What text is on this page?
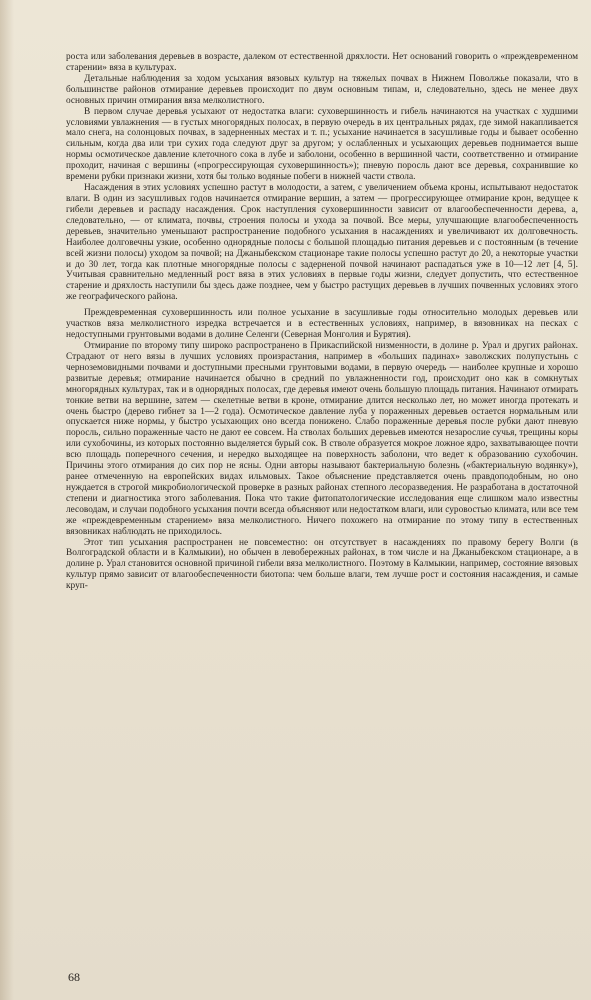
роста или заболевания деревьев в возрасте, далеком от естественной дряхлости. Нет оснований говорить о «преждевременном старении» вяза в культурах.

Детальные наблюдения за ходом усыхания вязовых культур на тяжелых почвах в Нижнем Поволжье показали, что в большинстве районов отмирание деревьев происходит по двум основным типам, и, следовательно, здесь не менее двух основных причин отмирания вяза мелколистного.

В первом случае деревья усыхают от недостатка влаги: суховершинность и гибель начинаются на участках с худшими условиями увлажнения — в густых многорядных полосах, в первую очередь в их центральных рядах, где зимой накапливается мало снега, на солонцовых почвах, в задерненных местах и т. п.; усыхание начинается в засушливые годы и бывает особенно сильным, когда два или три сухих года следуют друг за другом; у ослабленных и усыхающих деревьев поднимается выше нормы осмотическое давление клеточного сока в лубе и заболони, особенно в вершинной части, соответственно и отмирание проходит, начиная с вершины («прогрессирующая суховершинность»); пневую поросль дают все деревья, сохранившие ко времени рубки признаки жизни, хотя бы только водяные побеги в нижней части ствола.

Насаждения в этих условиях успешно растут в молодости, а затем, с увеличением объема кроны, испытывают недостаток влаги. В один из засушливых годов начинается отмирание вершин, а затем — прогрессирующее отмирание крон, ведущее к гибели деревьев и распаду насаждения. Срок наступления суховершинности зависит от влагообеспеченности дерева, а, следовательно, — от климата, почвы, строения полосы и ухода за почвой. Все меры, улучшающие влагообеспеченность деревьев, значительно уменьшают распространение подобного усыхания в насаждениях и увеличивают их долговечность. Наиболее долговечны узкие, особенно однорядные полосы с большой площадью питания деревьев и с постоянным (в течение всей жизни полосы) уходом за почвой; на Джаныбекском стационаре такие полосы успешно растут до 20, а некоторые участки и до 30 лет, тогда как плотные многорядные полосы с задерненой почвой начинают распадаться уже в 10—12 лет [4, 5]. Учитывая сравнительно медленный рост вяза в этих условиях в первые годы жизни, следует допустить, что естественное старение и дряхлость наступили бы здесь даже позднее, чем у быстро растущих деревьев в лучших почвенных условиях этого же географического района.

Преждевременная суховершинность или полное усыхание в засушливые годы относительно молодых деревьев или участков вяза мелколистного изредка встречается и в естественных условиях, например, в вязовниках на песках с недоступными грунтовыми водами в долине Селенги (Северная Монголия и Бурятия).

Отмирание по второму типу широко распространено в Прикаспийской низменности, в долине р. Урал и других районах. Страдают от него вязы в лучших условиях произрастания, например в «больших падинах» заволжских полупустынь с черноземовидными почвами и доступными пресными грунтовыми водами, в первую очередь — наиболее крупные и хорошо развитые деревья; отмирание начинается обычно в средний по увлажненности год, происходит оно как в сомкнутых многорядных культурах, так и в однорядных полосах, где деревья имеют очень большую площадь питания. Начинают отмирать тонкие ветви на вершине, затем — скелетные ветви в кроне, отмирание длится несколько лет, но может иногда протекать и очень быстро (дерево гибнет за 1—2 года). Осмотическое давление луба у пораженных деревьев остается нормальным или опускается ниже нормы, у быстро усыхающих оно всегда понижено. Слабо пораженные деревья после рубки дают пневую поросль, сильно пораженные часто не дают ее совсем. На стволах больших деревьев имеются незарослие сучья, трещины коры или сухобочины, из которых постоянно выделяется бурый сок. В стволе образуется мокрое ложное ядро, захватывающее почти всю площадь поперечного сечения, и нередко выходящее на поверхность заболони, что ведет к образованию сухобочин. Причины этого отмирания до сих пор не ясны. Одни авторы называют бактериальную болезнь («бактериальную водянку»), ранее отмеченную на европейских видах ильмовых. Такое объяснение представляется очень правдоподобным, но оно нуждается в строгой микробиологической проверке в разных районах степного лесоразведения. Не разработана в достаточной степени и диагностика этого заболевания. Пока что такие фитопатологические исследования еще слишком мало известны лесоводам, и случаи подобного усыхания почти всегда объясняют или недостатком влаги, или суровостью климата, или все тем же «преждевременным старением» вяза мелколистного. Ничего похожего на отмирание по этому типу в естественных вязовниках наблюдать не приходилось.

Этот тип усыхания распространен не повсеместно: он отсутствует в насаждениях по правому берегу Волги (в Волгоградской области и в Калмыкии), но обычен в левобережных районах, в том числе и на Джаныбекском стационаре, а в долине р. Урал становится основной причиной гибели вяза мелколистного. Поэтому в Калмыкии, например, состояние вязовых культур прямо зависит от влагообеспеченности биотопа: чем больше влаги, тем лучше рост и состояния насаждения, и самые круп-

68
